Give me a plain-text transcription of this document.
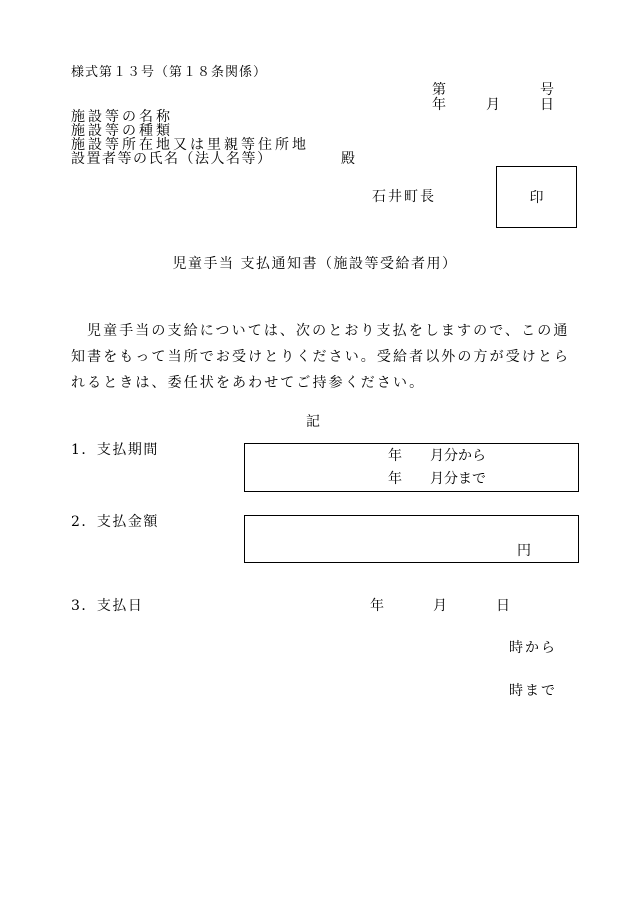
様式第１３号（第１８条関係）
第	号
年	月	日
施設等の名称
施設等の種類
施設等所在地又は里親等住所地
設置者等の氏名（法人名等）	殿
石井町長	印
児童手当 支払通知書（施設等受給者用）
児童手当の支給については、次のとおり支払をしますので、この通
知書をもって当所でお受けとりください。受給者以外の方が受けとら
れるときは、委任状をあわせてご持参ください。
記
1．支払期間	年　　月分から
年　　月分まで
2．支払金額
円
3．支払日	年	月	日
時から
時まで
